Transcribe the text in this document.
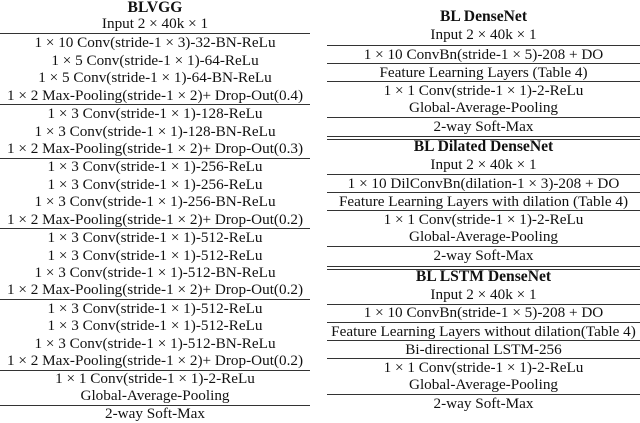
BLVGG
Input 2 × 40k × 1
1 × 10 Conv(stride-1 × 3)-32-BN-ReLu
1 × 5 Conv(stride-1 × 1)-64-ReLu
1 × 5 Conv(stride-1 × 1)-64-BN-ReLu
1 × 2 Max-Pooling(stride-1 × 2)+ Drop-Out(0.4)
1 × 3 Conv(stride-1 × 1)-128-ReLu
1 × 3 Conv(stride-1 × 1)-128-BN-ReLu
1 × 2 Max-Pooling(stride-1 × 2)+ Drop-Out(0.3)
1 × 3 Conv(stride-1 × 1)-256-ReLu
1 × 3 Conv(stride-1 × 1)-256-ReLu
1 × 3 Conv(stride-1 × 1)-256-BN-ReLu
1 × 2 Max-Pooling(stride-1 × 2)+ Drop-Out(0.2)
1 × 3 Conv(stride-1 × 1)-512-ReLu
1 × 3 Conv(stride-1 × 1)-512-ReLu
1 × 3 Conv(stride-1 × 1)-512-BN-ReLu
1 × 2 Max-Pooling(stride-1 × 2)+ Drop-Out(0.2)
1 × 3 Conv(stride-1 × 1)-512-ReLu
1 × 3 Conv(stride-1 × 1)-512-ReLu
1 × 3 Conv(stride-1 × 1)-512-BN-ReLu
1 × 2 Max-Pooling(stride-1 × 2)+ Drop-Out(0.2)
1 × 1 Conv(stride-1 × 1)-2-ReLu
Global-Average-Pooling
2-way Soft-Max
BL DenseNet
Input 2 × 40k × 1
1 × 10 ConvBn(stride-1 × 5)-208 + DO
Feature Learning Layers (Table 4)
1 × 1 Conv(stride-1 × 1)-2-ReLu
Global-Average-Pooling
2-way Soft-Max
BL Dilated DenseNet
Input 2 × 40k × 1
1 × 10 DilConvBn(dilation-1 × 3)-208 + DO
Feature Learning Layers with dilation (Table 4)
1 × 1 Conv(stride-1 × 1)-2-ReLu
Global-Average-Pooling
2-way Soft-Max
BL LSTM DenseNet
Input 2 × 40k × 1
1 × 10 ConvBn(stride-1 × 5)-208 + DO
Feature Learning Layers without dilation(Table 4)
Bi-directional LSTM-256
1 × 1 Conv(stride-1 × 1)-2-ReLu
Global-Average-Pooling
2-way Soft-Max
